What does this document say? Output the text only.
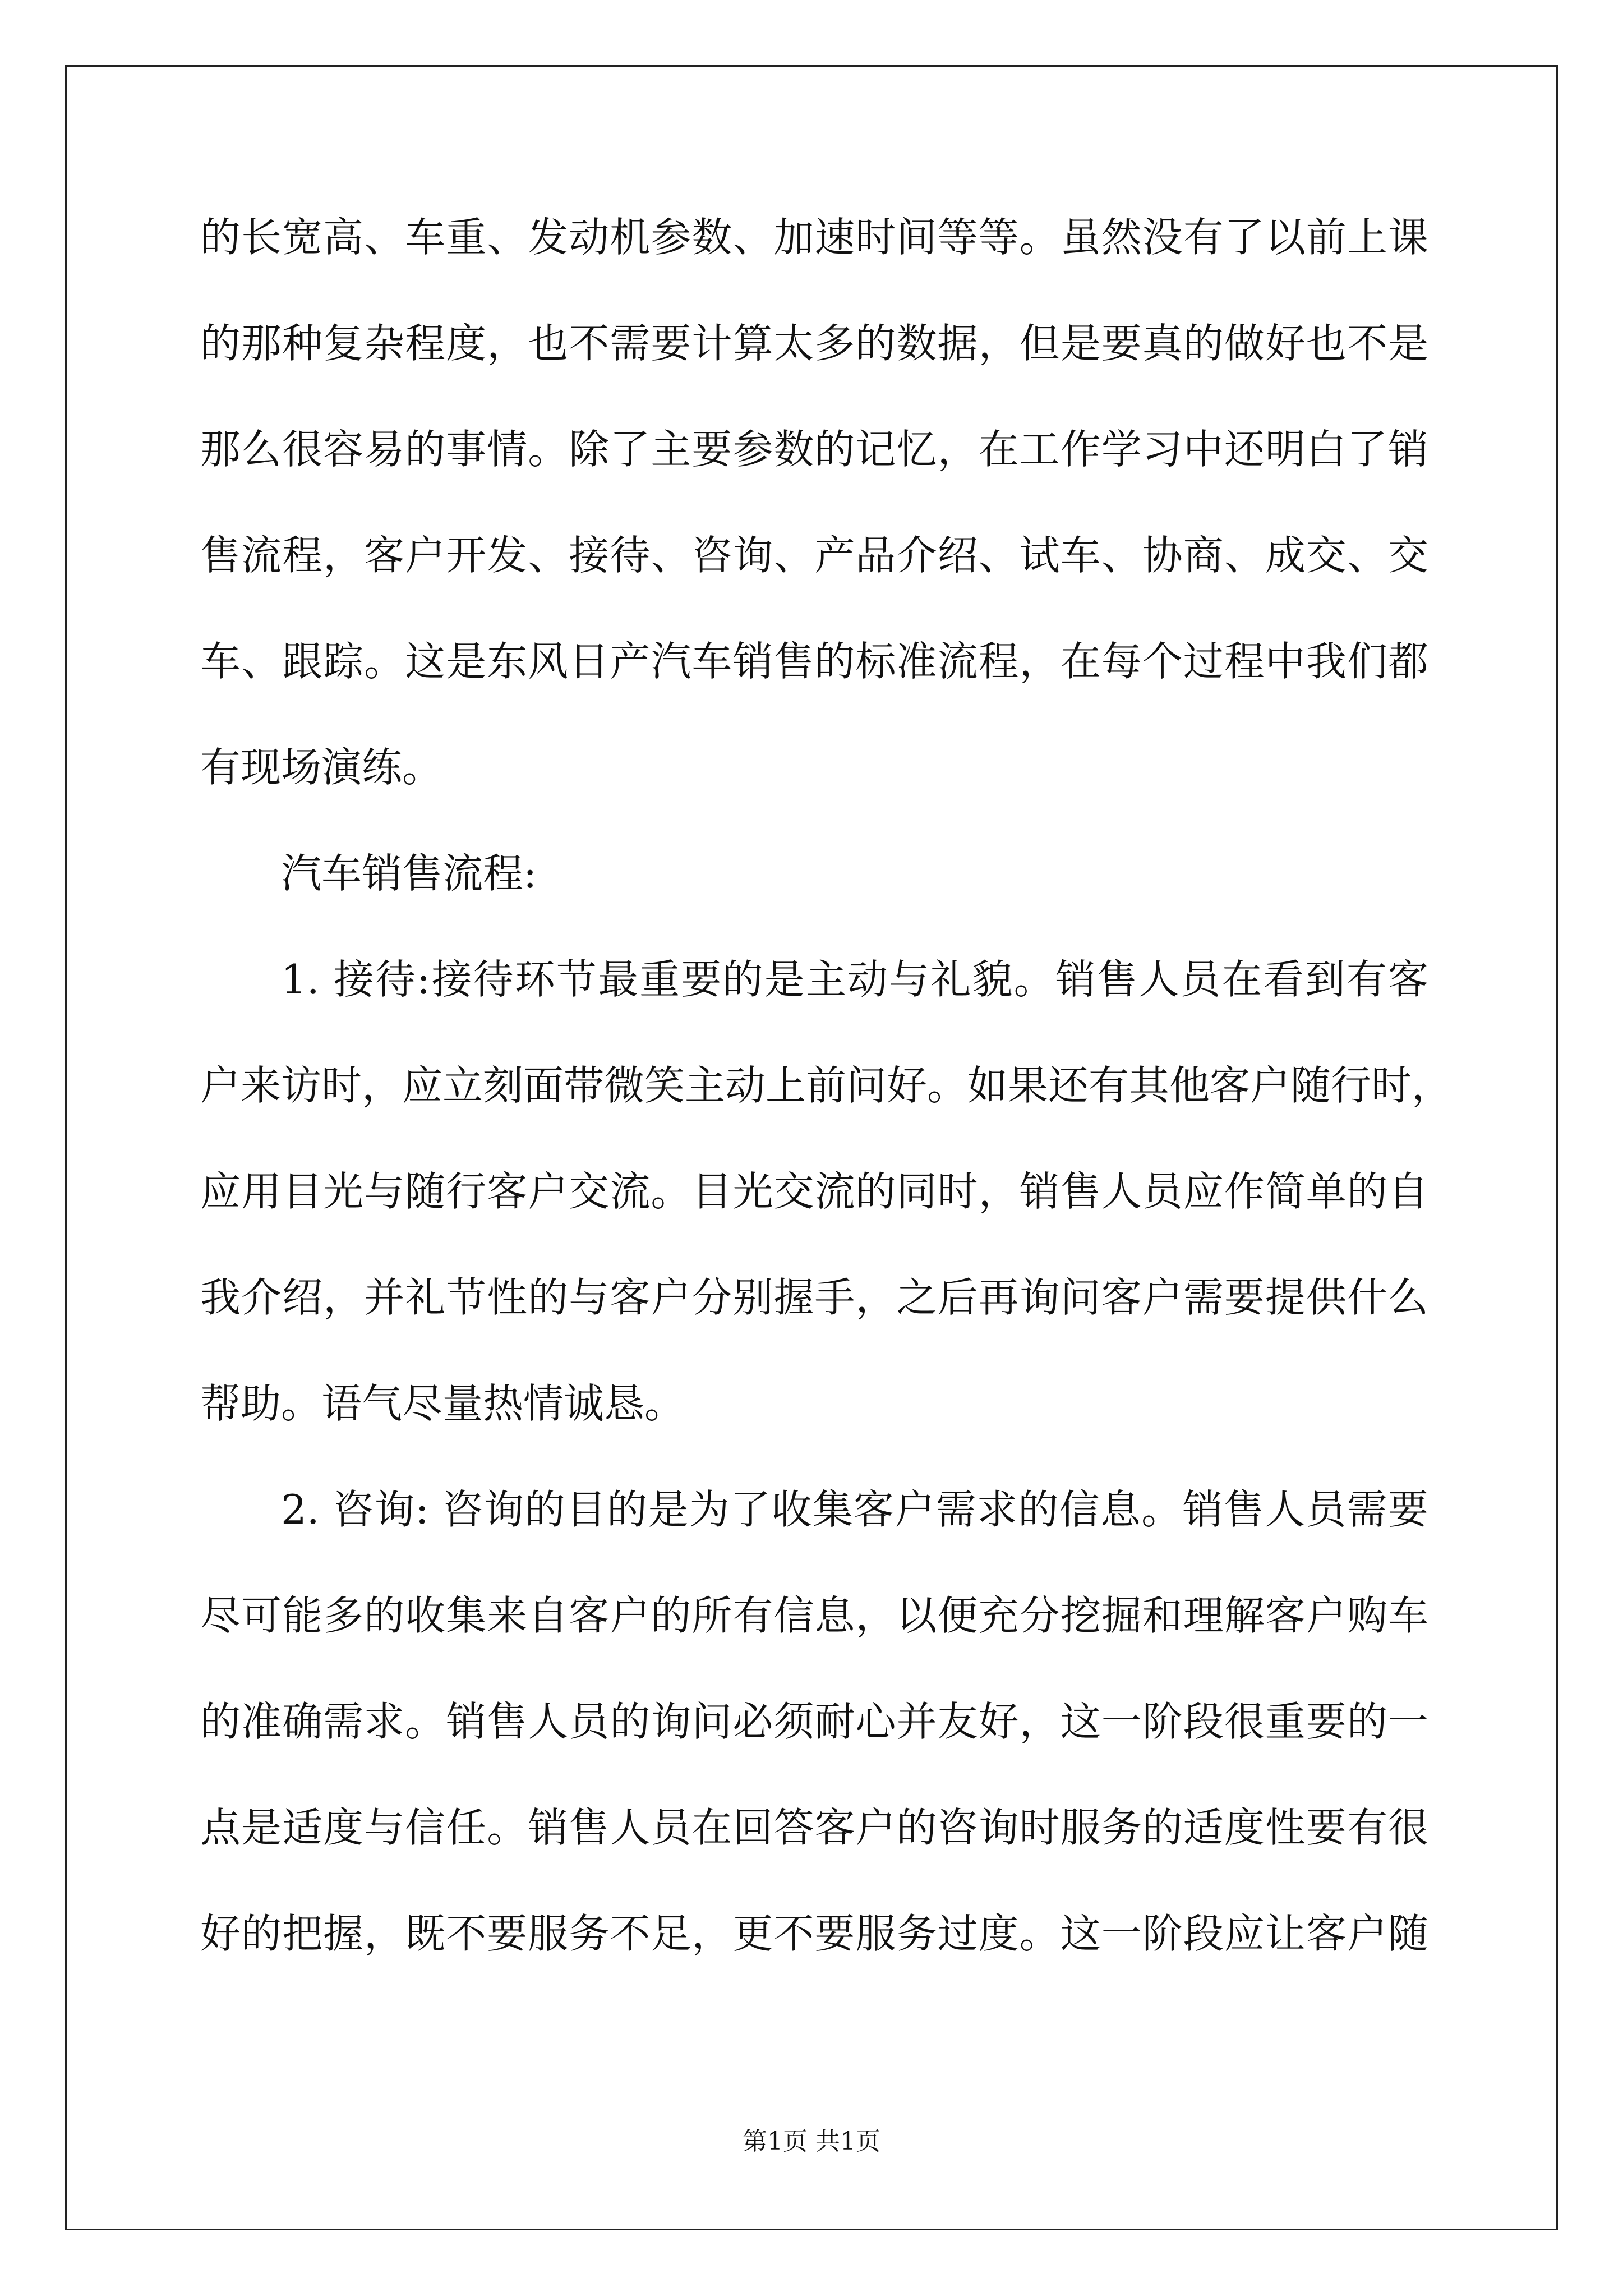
的长宽高、车重、发动机参数、加速时间等等。虽然没有了以前上课
的那种复杂程度，也不需要计算太多的数据，但是要真的做好也不是
那么很容易的事情。除了主要参数的记忆，在工作学习中还明白了销
售流程，客户开发、接待、咨询、产品介绍、试车、协商、成交、交
车、跟踪。这是东风日产汽车销售的标准流程，在每个过程中我们都
有现场演练。
汽车销售流程:
1. 接待:接待环节最重要的是主动与礼貌。销售人员在看到有客
户来访时，应立刻面带微笑主动上前问好。如果还有其他客户随行时，
应用目光与随行客户交流。目光交流的同时，销售人员应作简单的自
我介绍，并礼节性的与客户分别握手，之后再询问客户需要提供什么
帮助。语气尽量热情诚恳。
2. 咨询: 咨询的目的是为了收集客户需求的信息。销售人员需要
尽可能多的收集来自客户的所有信息，以便充分挖掘和理解客户购车
的准确需求。销售人员的询问必须耐心并友好，这一阶段很重要的一
点是适度与信任。销售人员在回答客户的咨询时服务的适度性要有很
好的把握，既不要服务不足，更不要服务过度。这一阶段应让客户随
第1页 共1页
